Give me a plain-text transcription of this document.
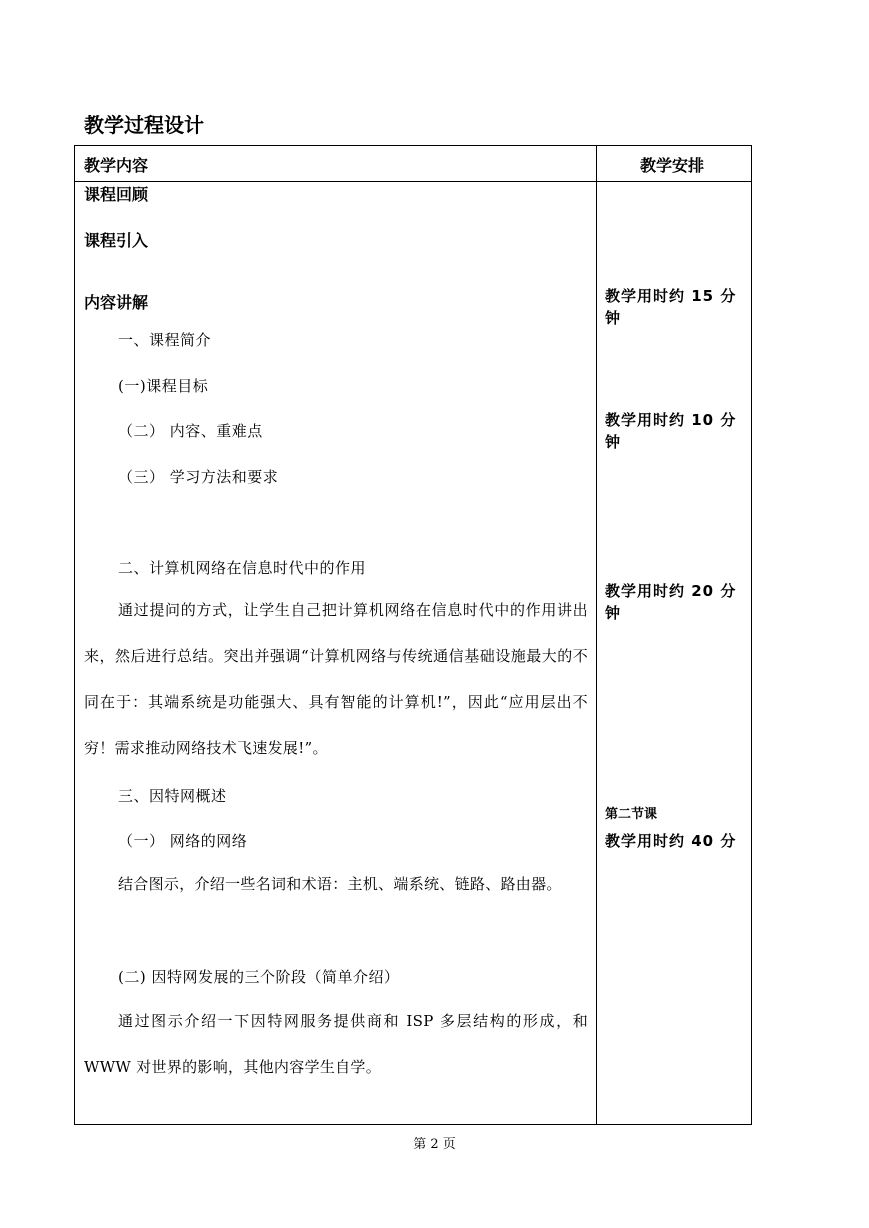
教学过程设计
教学内容	教学安排
课程回顾
课程引入
内容讲解
一、课程简介
(一)课程目标
（二） 内容、重难点
（三） 学习方法和要求
二、计算机网络在信息时代中的作用
通过提问的方式，让学生自己把计算机网络在信息时代中的作用讲出来，然后进行总结。突出并强调“计算机网络与传统通信基础设施最大的不同在于：其端系统是功能强大、具有智能的计算机!”，因此“应用层出不穷！需求推动网络技术飞速发展!”。
三、因特网概述
（一） 网络的网络
结合图示，介绍一些名词和术语：主机、端系统、链路、路由器。
(二) 因特网发展的三个阶段（简单介绍）
通过图示介绍一下因特网服务提供商和 ISP 多层结构的形成，和 WWW 对世界的影响，其他内容学生自学。
教学用时约 15 分钟
教学用时约 10 分钟
教学用时约 20 分钟
第二节课
教学用时约 40 分
第 2 页
